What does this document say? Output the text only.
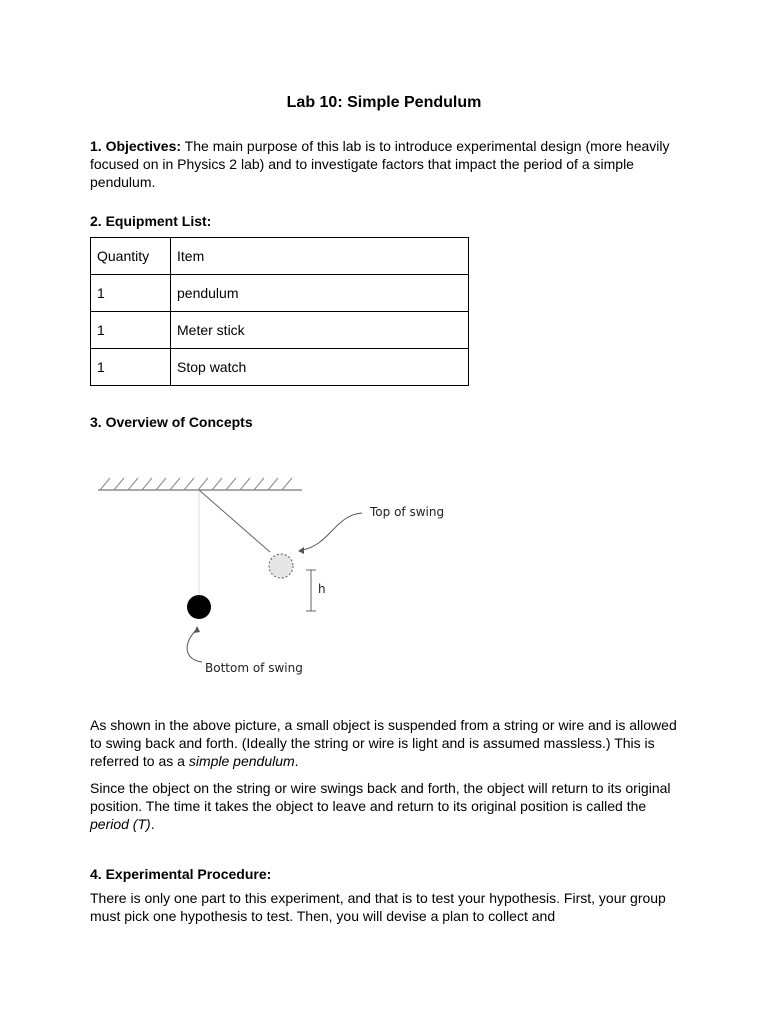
Lab 10: Simple Pendulum

1. Objectives: The main purpose of this lab is to introduce experimental design (more heavily focused on in Physics 2 lab) and to investigate factors that impact the period of a simple pendulum.

2. Equipment List:

Quantity	Item
1	pendulum
1	Meter stick
1	Stop watch

3. Overview of Concepts

h
Top of swing
Bottom of swing

As shown in the above picture, a small object is suspended from a string or wire and is allowed to swing back and forth. (Ideally the string or wire is light and is assumed massless.) This is referred to as a simple pendulum.

Since the object on the string or wire swings back and forth, the object will return to its original position. The time it takes the object to leave and return to its original position is called the period (T).

4. Experimental Procedure:

There is only one part to this experiment, and that is to test your hypothesis. First, your group must pick one hypothesis to test. Then, you will devise a plan to collect and
